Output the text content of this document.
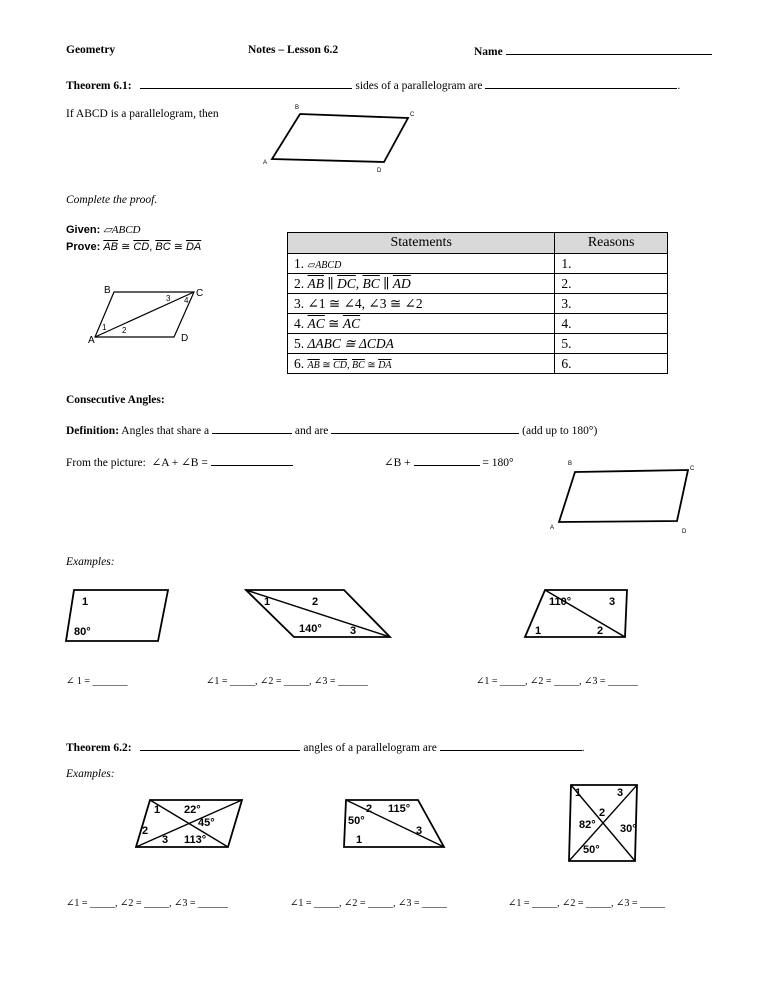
Geometry	Notes – Lesson 6.2	Name
Theorem 6.1:	sides of a parallelogram are	.
If ABCD is a parallelogram, then	B
C
A
D
Complete the proof.
Given: ▱ABCD
Prove: $\overline{AB}$ ≅ $\overline{CD}$, $\overline{BC}$ ≅ $\overline{DA}$
B	C
A	D
1 2
3 4
Statements	Reasons
1. ▱ABCD	1.
2. $\overline{AB}$ ∥ $\overline{DC}$, $\overline{BC}$ ∥ $\overline{AD}$	2.
3. ∠1 ≅ ∠4, ∠3 ≅ ∠2	3.
4. $\overline{AC}$ ≅ $\overline{AC}$	4.
5. ΔABC ≅ ΔCDA	5.
6. $\overline{AB}$ ≅ $\overline{CD}$, $\overline{BC}$ ≅ $\overline{DA}$	6.
Consecutive Angles:
Definition: Angles that share a	and are	(add up to 180°)
From the picture: ∠A + ∠B =	∠B +	= 180°	B
C
A
D
Examples:
1
80°
1	2
140°	3
110°	3
1	2
∠ 1 = _______	∠1 = _____, ∠2 = _____, ∠3 = ______	∠1 = _____, ∠2 = _____, ∠3 = ______
Theorem 6.2:	angles of a parallelogram are	.
Examples:
1 22°
45°
2
3 113°
2 115°
50°
3
1
1	3
2
82° 30°
50°
∠1 = _____, ∠2 = _____, ∠3 = ______	∠1 = _____, ∠2 = _____, ∠3 = _____	∠1 = _____, ∠2 = _____, ∠3 = _____
